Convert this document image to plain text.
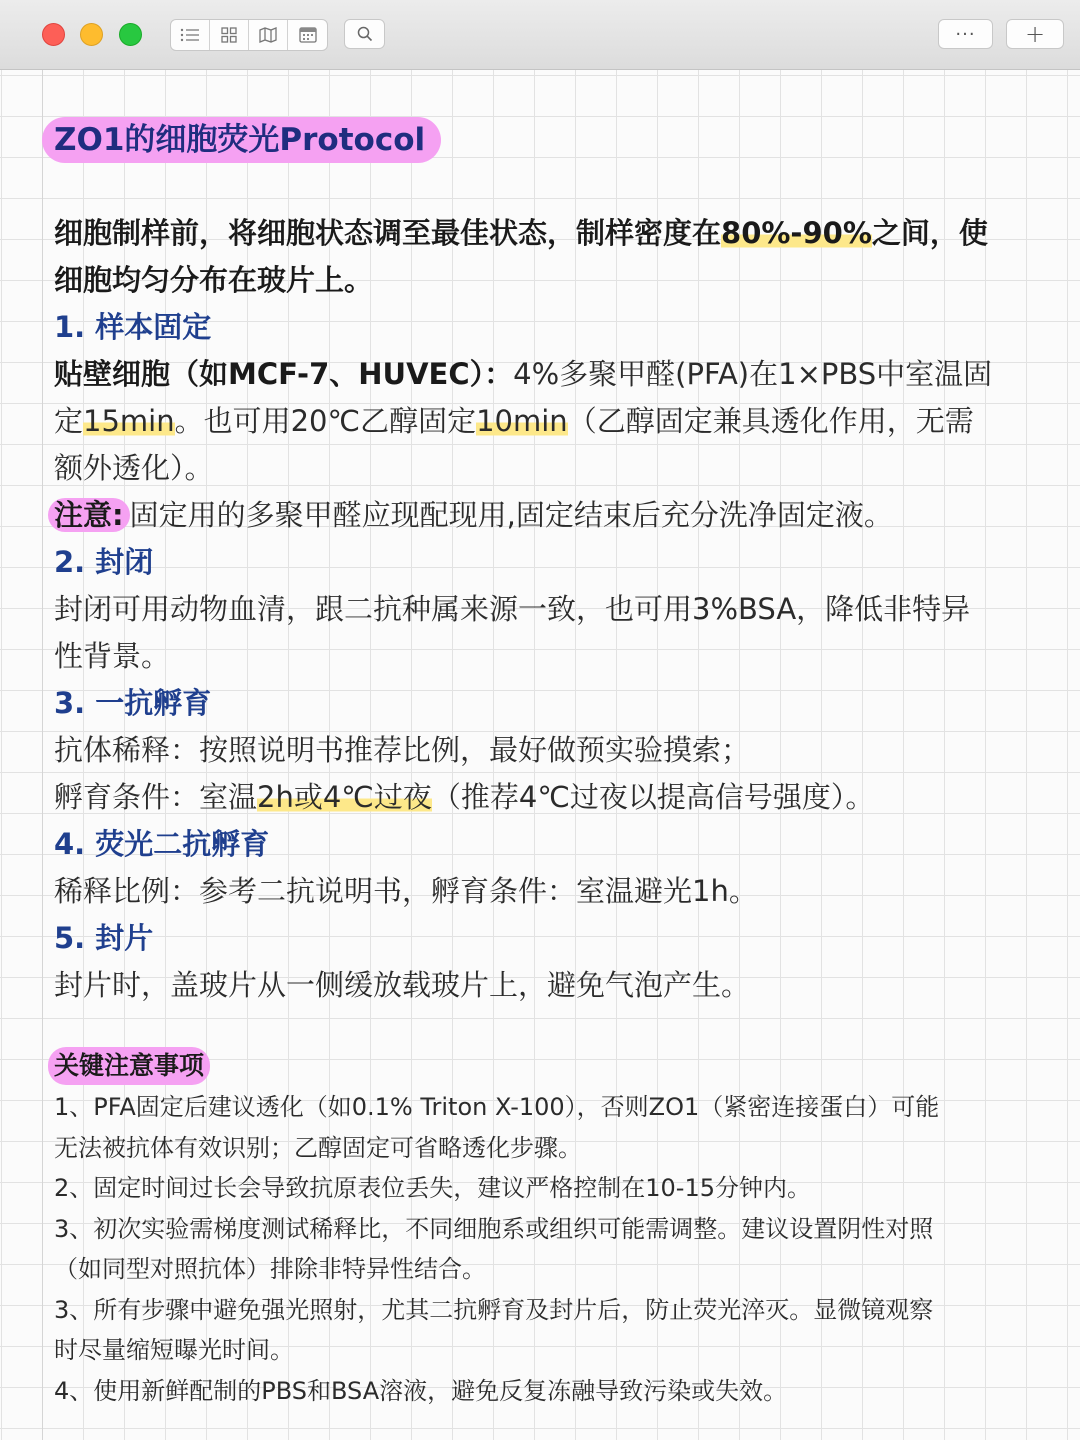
···	+
ZO1的细胞荧光Protocol
细胞制样前，将细胞状态调至最佳状态，制样密度在80%-90%之间，使
细胞均匀分布在玻片上。
1. 样本固定
贴壁细胞（如MCF-7、HUVEC）：4%多聚甲醛(PFA)在1×PBS中室温固
定15min。也可用20℃乙醇固定10min（乙醇固定兼具透化作用，无需
额外透化）。
注意: 固定用的多聚甲醛应现配现用,固定结束后充分洗净固定液。
2. 封闭
封闭可用动物血清，跟二抗种属来源一致，也可用3%BSA，降低非特异
性背景。
3. 一抗孵育
抗体稀释：按照说明书推荐比例，最好做预实验摸索；
孵育条件：室温2h或4℃过夜（推荐4℃过夜以提高信号强度）。
4. 荧光二抗孵育
稀释比例：参考二抗说明书，孵育条件：室温避光1h。
5. 封片
封片时，盖玻片从一侧缓放载玻片上，避免气泡产生。
关键注意事项
1、PFA固定后建议透化（如0.1% Triton X-100），否则ZO1（紧密连接蛋白）可能
无法被抗体有效识别；乙醇固定可省略透化步骤。
2、固定时间过长会导致抗原表位丢失，建议严格控制在10-15分钟内。
3、初次实验需梯度测试稀释比，不同细胞系或组织可能需调整。建议设置阴性对照
（如同型对照抗体）排除非特异性结合。
3、所有步骤中避免强光照射，尤其二抗孵育及封片后，防止荧光淬灭。显微镜观察
时尽量缩短曝光时间。
4、使用新鲜配制的PBS和BSA溶液，避免反复冻融导致污染或失效。
